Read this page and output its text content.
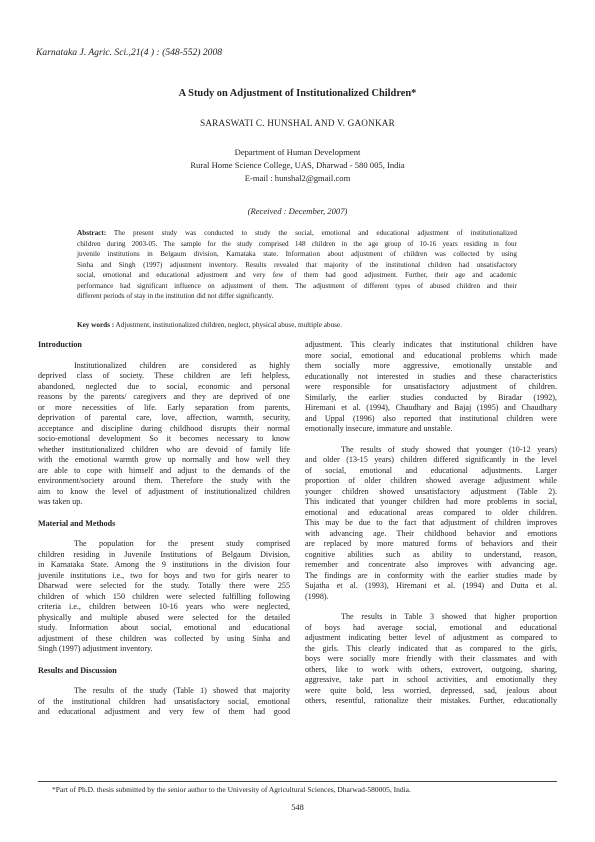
Karnataka J. Agric. Sci.,21(4 ) : (548-552) 2008
A Study on Adjustment of Institutionalized Children*
SARASWATI C. HUNSHAL AND V. GAONKAR
Department of Human Development
Rural Home Science College, UAS, Dharwad - 580 005, India
E-mail : hunshal2@gmail.com
(Received : December, 2007)
Abstract: The present study was conducted to study the social, emotional and educational adjustment of institutionalized
children during 2003-05. The sample for the study comprised 148 children in the age group of 10-16 years residing in four
juvenile institutions in Belgaum division, Karnataka state. Information about adjustment of children was collected by using
Sinha and Singh (1997) adjustment inventory. Results revealed that majority of the institutional children had unsatisfactory
social, emotional and educational adjustment and very few of them had good adjustment. Further, their age and academic
performance had significant influence on adjustment of them. The adjustment of different types of abused children and their
different periods of stay in the institution did not differ significantly.
Key words : Adjustment, institutionalized children, neglect, physical abuse, multiple abuse.
Introduction
Institutionalized children are considered as highly
deprived class of society. These children are left helpless,
abandoned, neglected due to social, economic and personal
reasons by the parents/ caregivers and they are deprived of one
or more necessities of life. Early separation from parents,
deprivation of parental care, love, affection, warmth, security,
acceptance and discipline during childhood disrupts their normal
socio-emotional development So it becomes necessary to know
whether institutionalized children who are devoid of family life
with the emotional warmth grow up normally and how well they
are able to cope with himself and adjust to the demands of the
environment/society around them. Therefore the study with the
aim to know the level of adjustment of institutionalized children
was taken up.
Material and Methods
The population for the present study comprised
children residing in Juvenile Institutions of Belgaum Division,
in Karnataka State. Among the 9 institutions in the division four
juvenile institutions i.e., two for boys and two for girls nearer to
Dharwad were selected for the study. Totally there were 255
children of which 150 children were selected fulfilling following
criteria i.e., children between 10-16 years who were neglected,
physically and multiple abused were selected for the detailed
study. Information about social, emotional and educational
adjustment of these children was collected by using Sinha and
Singh (1997) adjustment inventory.
Results and Discussion
The results of the study (Table 1) showed that majority
of the institutional children had unsatisfactory social, emotional
and educational adjustment and very few of them had good
adjustment. This clearly indicates that institutional children have
more social, emotional and educational problems which made
them socially more aggressive, emotionally unstable and
educationally not interested in studies and these characteristics
were responsible for unsatisfactory adjustment of children.
Similarly, the earlier studies conducted by Biradar (1992),
Hiremani et al. (1994), Chaudhary and Bajaj (1995) and Chaudhary
and Uppal (1996) also reported that institutional children were
emotionally insecure, immature and unstable.
The results of study showed that younger (10-12 years)
and older (13-15 years) children differed significantly in the level
of social, emotional and educational adjustments. Larger
proportion of older children showed average adjustment while
younger children showed unsatisfactory adjustment (Table 2).
This indicated that younger children had more problems in social,
emotional and educational areas compared to older children.
This may be due to the fact that adjustment of children improves
with advancing age. Their childhood behavior and emotions
are replaced by more matured forms of behaviors and their
cognitive abilities such as ability to understand, reason,
remember and concentrate also improves with advancing age.
The findings are in conformity with the earlier studies made by
Sujatha et al. (1993), Hiremani et al. (1994) and Dutta et al.
(1998).
The results in Table 3 showed that higher proportion
of boys had average social, emotional and educational
adjustment indicating better level of adjustment as compared to
the girls. This clearly indicated that as compared to the girls,
boys were socially more friendly with their classmates and with
others, like to work with others, extrovert, outgoing, sharing,
aggressive, take part in school activities, and emotionally they
were quite bold, less worried, depressed, sad, jealous about
others, resentful, rationalize their mistakes. Further, educationally
*Part of Ph.D. thesis submitted by the senior author to the University of Agricultural Sciences, Dharwad-580005, India.
548
